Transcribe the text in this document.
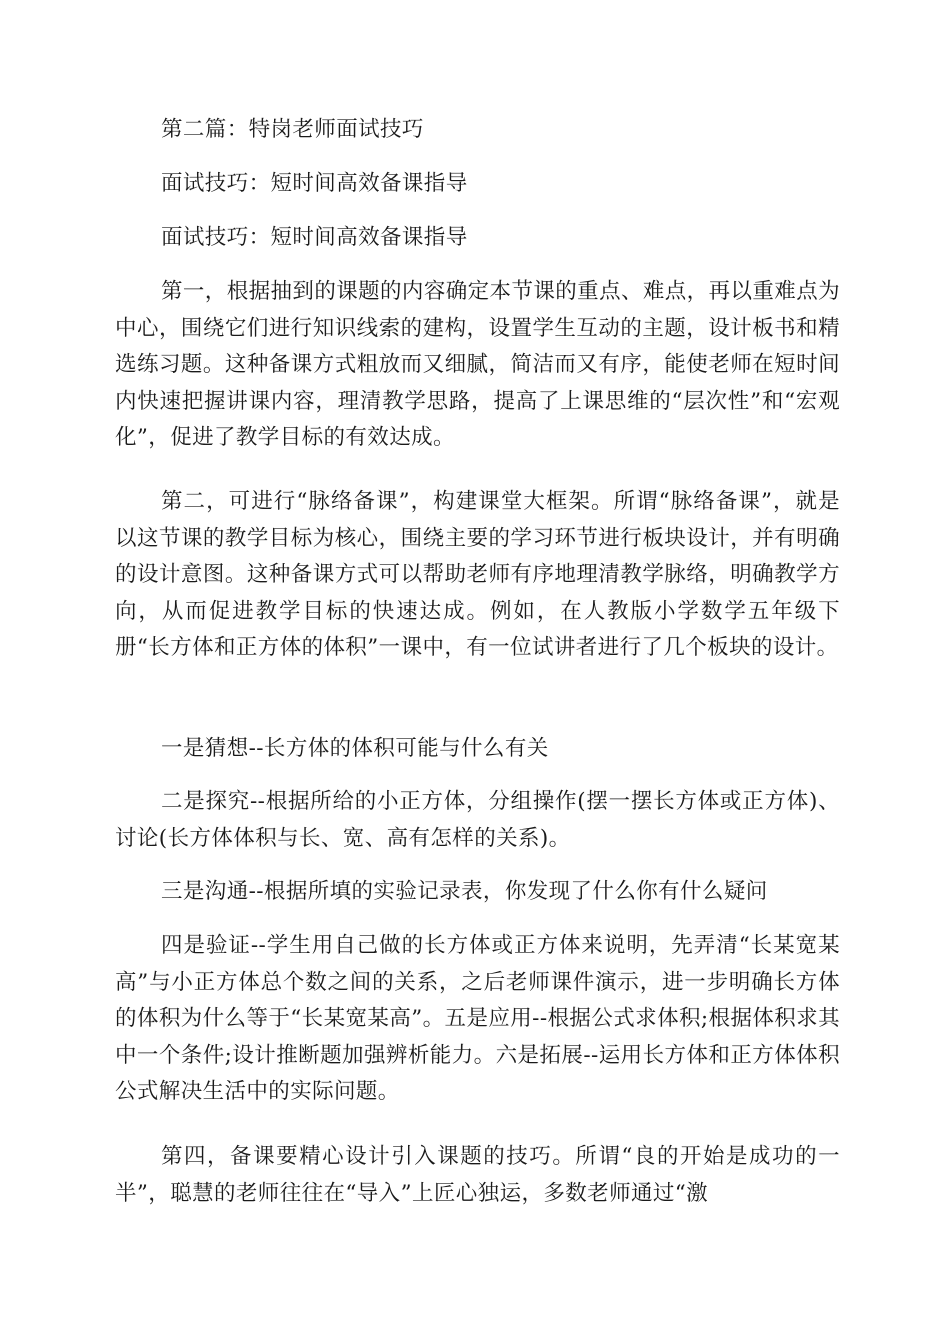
第二篇：特岗老师面试技巧

面试技巧：短时间高效备课指导

面试技巧：短时间高效备课指导

第一，根据抽到的课题的内容确定本节课的重点、难点，再以重难点为中心，围绕它们进行知识线索的建构，设置学生互动的主题，设计板书和精选练习题。这种备课方式粗放而又细腻，简洁而又有序，能使老师在短时间内快速把握讲课内容，理清教学思路，提高了上课思维的“层次性”和“宏观化”，促进了教学目标的有效达成。

第二，可进行“脉络备课”，构建课堂大框架。所谓“脉络备课”，就是以这节课的教学目标为核心，围绕主要的学习环节进行板块设计，并有明确的设计意图。这种备课方式可以帮助老师有序地理清教学脉络，明确教学方向，从而促进教学目标的快速达成。例如，在人教版小学数学五年级下册“长方体和正方体的体积”一课中，有一位试讲者进行了几个板块的设计。

一是猜想--长方体的体积可能与什么有关

二是探究--根据所给的小正方体，分组操作(摆一摆长方体或正方体)、讨论(长方体体积与长、宽、高有怎样的关系)。

三是沟通--根据所填的实验记录表，你发现了什么你有什么疑问

四是验证--学生用自己做的长方体或正方体来说明，先弄清“长某宽某高”与小正方体总个数之间的关系，之后老师课件演示，进一步明确长方体的体积为什么等于“长某宽某高”。五是应用--根据公式求体积;根据体积求其中一个条件;设计推断题加强辨析能力。六是拓展--运用长方体和正方体体积公式解决生活中的实际问题。

第四，备课要精心设计引入课题的技巧。所谓“良的开始是成功的一半”，聪慧的老师往往在“导入”上匠心独运，多数老师通过“激
